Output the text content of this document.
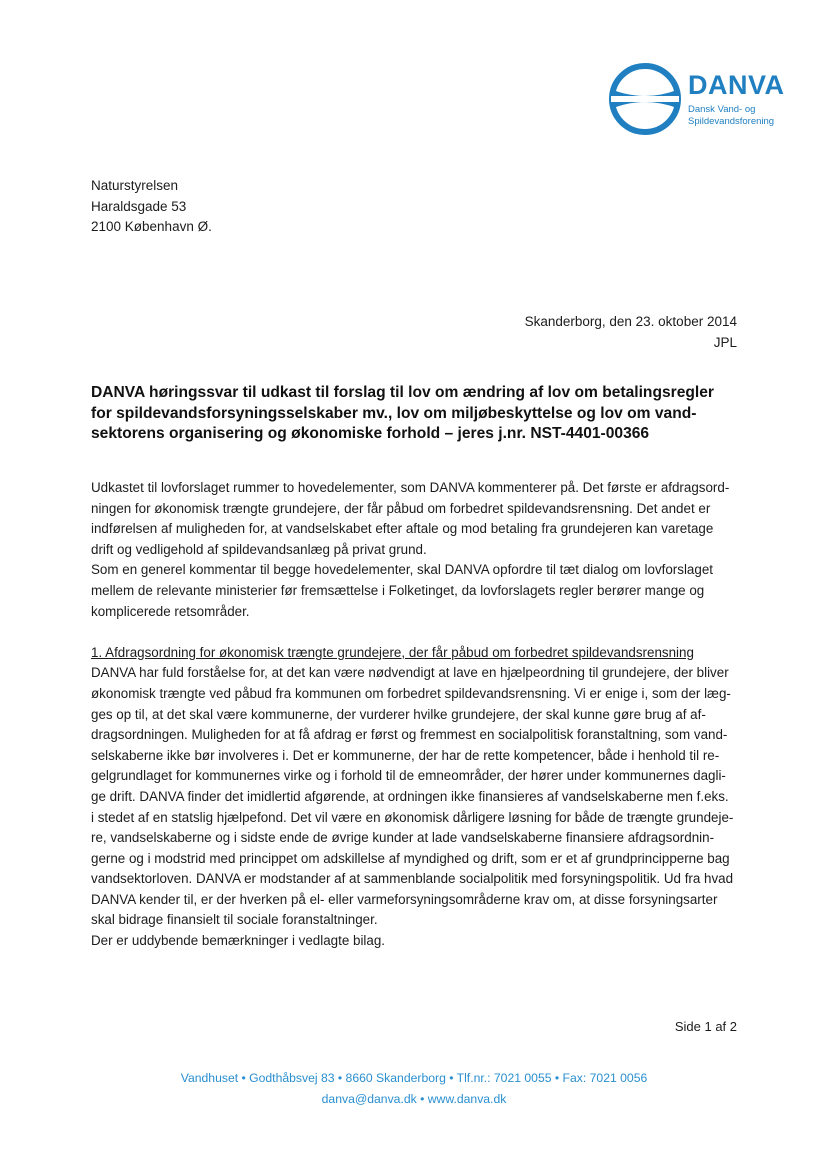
DANVA
Dansk Vand- og
Spildevandsforening
Naturstyrelsen
Haraldsgade 53
2100 København Ø.
Skanderborg, den 23. oktober 2014
JPL
DANVA høringssvar til udkast til forslag til lov om ændring af lov om betalingsregler
for spildevandsforsyningsselskaber mv., lov om miljøbeskyttelse og lov om vand-
sektorens organisering og økonomiske forhold – jeres j.nr. NST-4401-00366
Udkastet til lovforslaget rummer to hovedelementer, som DANVA kommenterer på. Det første er afdragsord-
ningen for økonomisk trængte grundejere, der får påbud om forbedret spildevandsrensning. Det andet er
indførelsen af muligheden for, at vandselskabet efter aftale og mod betaling fra grundejeren kan varetage
drift og vedligehold af spildevandsanlæg på privat grund.
Som en generel kommentar til begge hovedelementer, skal DANVA opfordre til tæt dialog om lovforslaget
mellem de relevante ministerier før fremsættelse i Folketinget, da lovforslagets regler berører mange og
komplicerede retsområder.
1. Afdragsordning for økonomisk trængte grundejere, der får påbud om forbedret spildevandsrensning
DANVA har fuld forståelse for, at det kan være nødvendigt at lave en hjælpeordning til grundejere, der bliver
økonomisk trængte ved påbud fra kommunen om forbedret spildevandsrensning. Vi er enige i, som der læg-
ges op til, at det skal være kommunerne, der vurderer hvilke grundejere, der skal kunne gøre brug af af-
dragsordningen. Muligheden for at få afdrag er først og fremmest en socialpolitisk foranstaltning, som vand-
selskaberne ikke bør involveres i. Det er kommunerne, der har de rette kompetencer, både i henhold til re-
gelgrundlaget for kommunernes virke og i forhold til de emneområder, der hører under kommunernes dagli-
ge drift. DANVA finder det imidlertid afgørende, at ordningen ikke finansieres af vandselskaberne men f.eks.
i stedet af en statslig hjælpefond. Det vil være en økonomisk dårligere løsning for både de trængte grundeje-
re, vandselskaberne og i sidste ende de øvrige kunder at lade vandselskaberne finansiere afdragsordnin-
gerne og i modstrid med princippet om adskillelse af myndighed og drift, som er et af grundprincipperne bag
vandsektorloven. DANVA er modstander af at sammenblande socialpolitik med forsyningspolitik. Ud fra hvad
DANVA kender til, er der hverken på el- eller varmeforsyningsområderne krav om, at disse forsyningsarter
skal bidrage finansielt til sociale foranstaltninger.
Der er uddybende bemærkninger i vedlagte bilag.
Side 1 af 2
Vandhuset • Godthåbsvej 83 • 8660 Skanderborg • Tlf.nr.: 7021 0055 • Fax: 7021 0056
danva@danva.dk • www.danva.dk
